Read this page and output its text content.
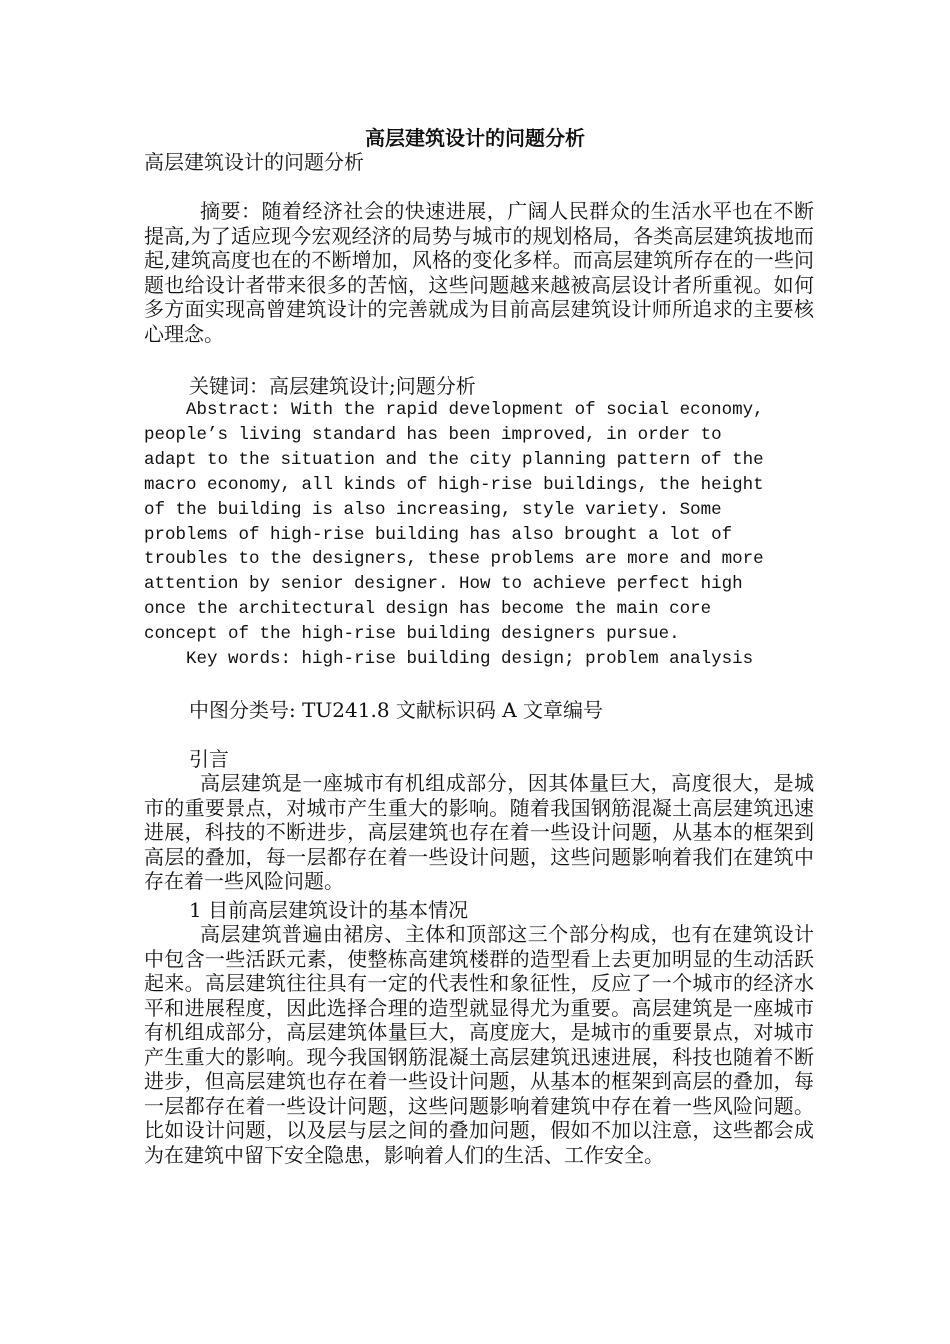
高层建筑设计的问题分析

高层建筑设计的问题分析

摘要：随着经济社会的快速进展，广阔人民群众的生活水平也在不断提高,为了适应现今宏观经济的局势与城市的规划格局，各类高层建筑拔地而起,建筑高度也在的不断增加，风格的变化多样。而高层建筑所存在的一些问题也给设计者带来很多的苦恼，这些问题越来越被高层设计者所重视。如何多方面实现高曾建筑设计的完善就成为目前高层建筑设计师所追求的主要核心理念。

关键词：高层建筑设计;问题分析

Abstract: With the rapid development of social economy,
people’s living standard has been improved, in order to
adapt to the situation and the city planning pattern of the
macro economy, all kinds of high-rise buildings, the height
of the building is also increasing, style variety. Some
problems of high-rise building has also brought a lot of
troubles to the designers, these problems are more and more
attention by senior designer. How to achieve perfect high
once the architectural design has become the main core
concept of the high-rise building designers pursue.
Key words: high-rise building design; problem analysis

中图分类号: TU241.8 文献标识码 A 文章编号

引言

高层建筑是一座城市有机组成部分，因其体量巨大，高度很大，是城市的重要景点，对城市产生重大的影响。随着我国钢筋混凝土高层建筑迅速进展，科技的不断进步，高层建筑也存在着一些设计问题，从基本的框架到高层的叠加，每一层都存在着一些设计问题，这些问题影响着我们在建筑中存在着一些风险问题。

1 目前高层建筑设计的基本情况

高层建筑普遍由裙房、主体和顶部这三个部分构成，也有在建筑设计中包含一些活跃元素，使整栋高建筑楼群的造型看上去更加明显的生动活跃起来。高层建筑往往具有一定的代表性和象征性，反应了一个城市的经济水平和进展程度，因此选择合理的造型就显得尤为重要。高层建筑是一座城市有机组成部分，高层建筑体量巨大，高度庞大，是城市的重要景点，对城市产生重大的影响。现今我国钢筋混凝土高层建筑迅速进展，科技也随着不断进步，但高层建筑也存在着一些设计问题，从基本的框架到高层的叠加，每一层都存在着一些设计问题，这些问题影响着建筑中存在着一些风险问题。比如设计问题，以及层与层之间的叠加问题，假如不加以注意，这些都会成为在建筑中留下安全隐患，影响着人们的生活、工作安全。
